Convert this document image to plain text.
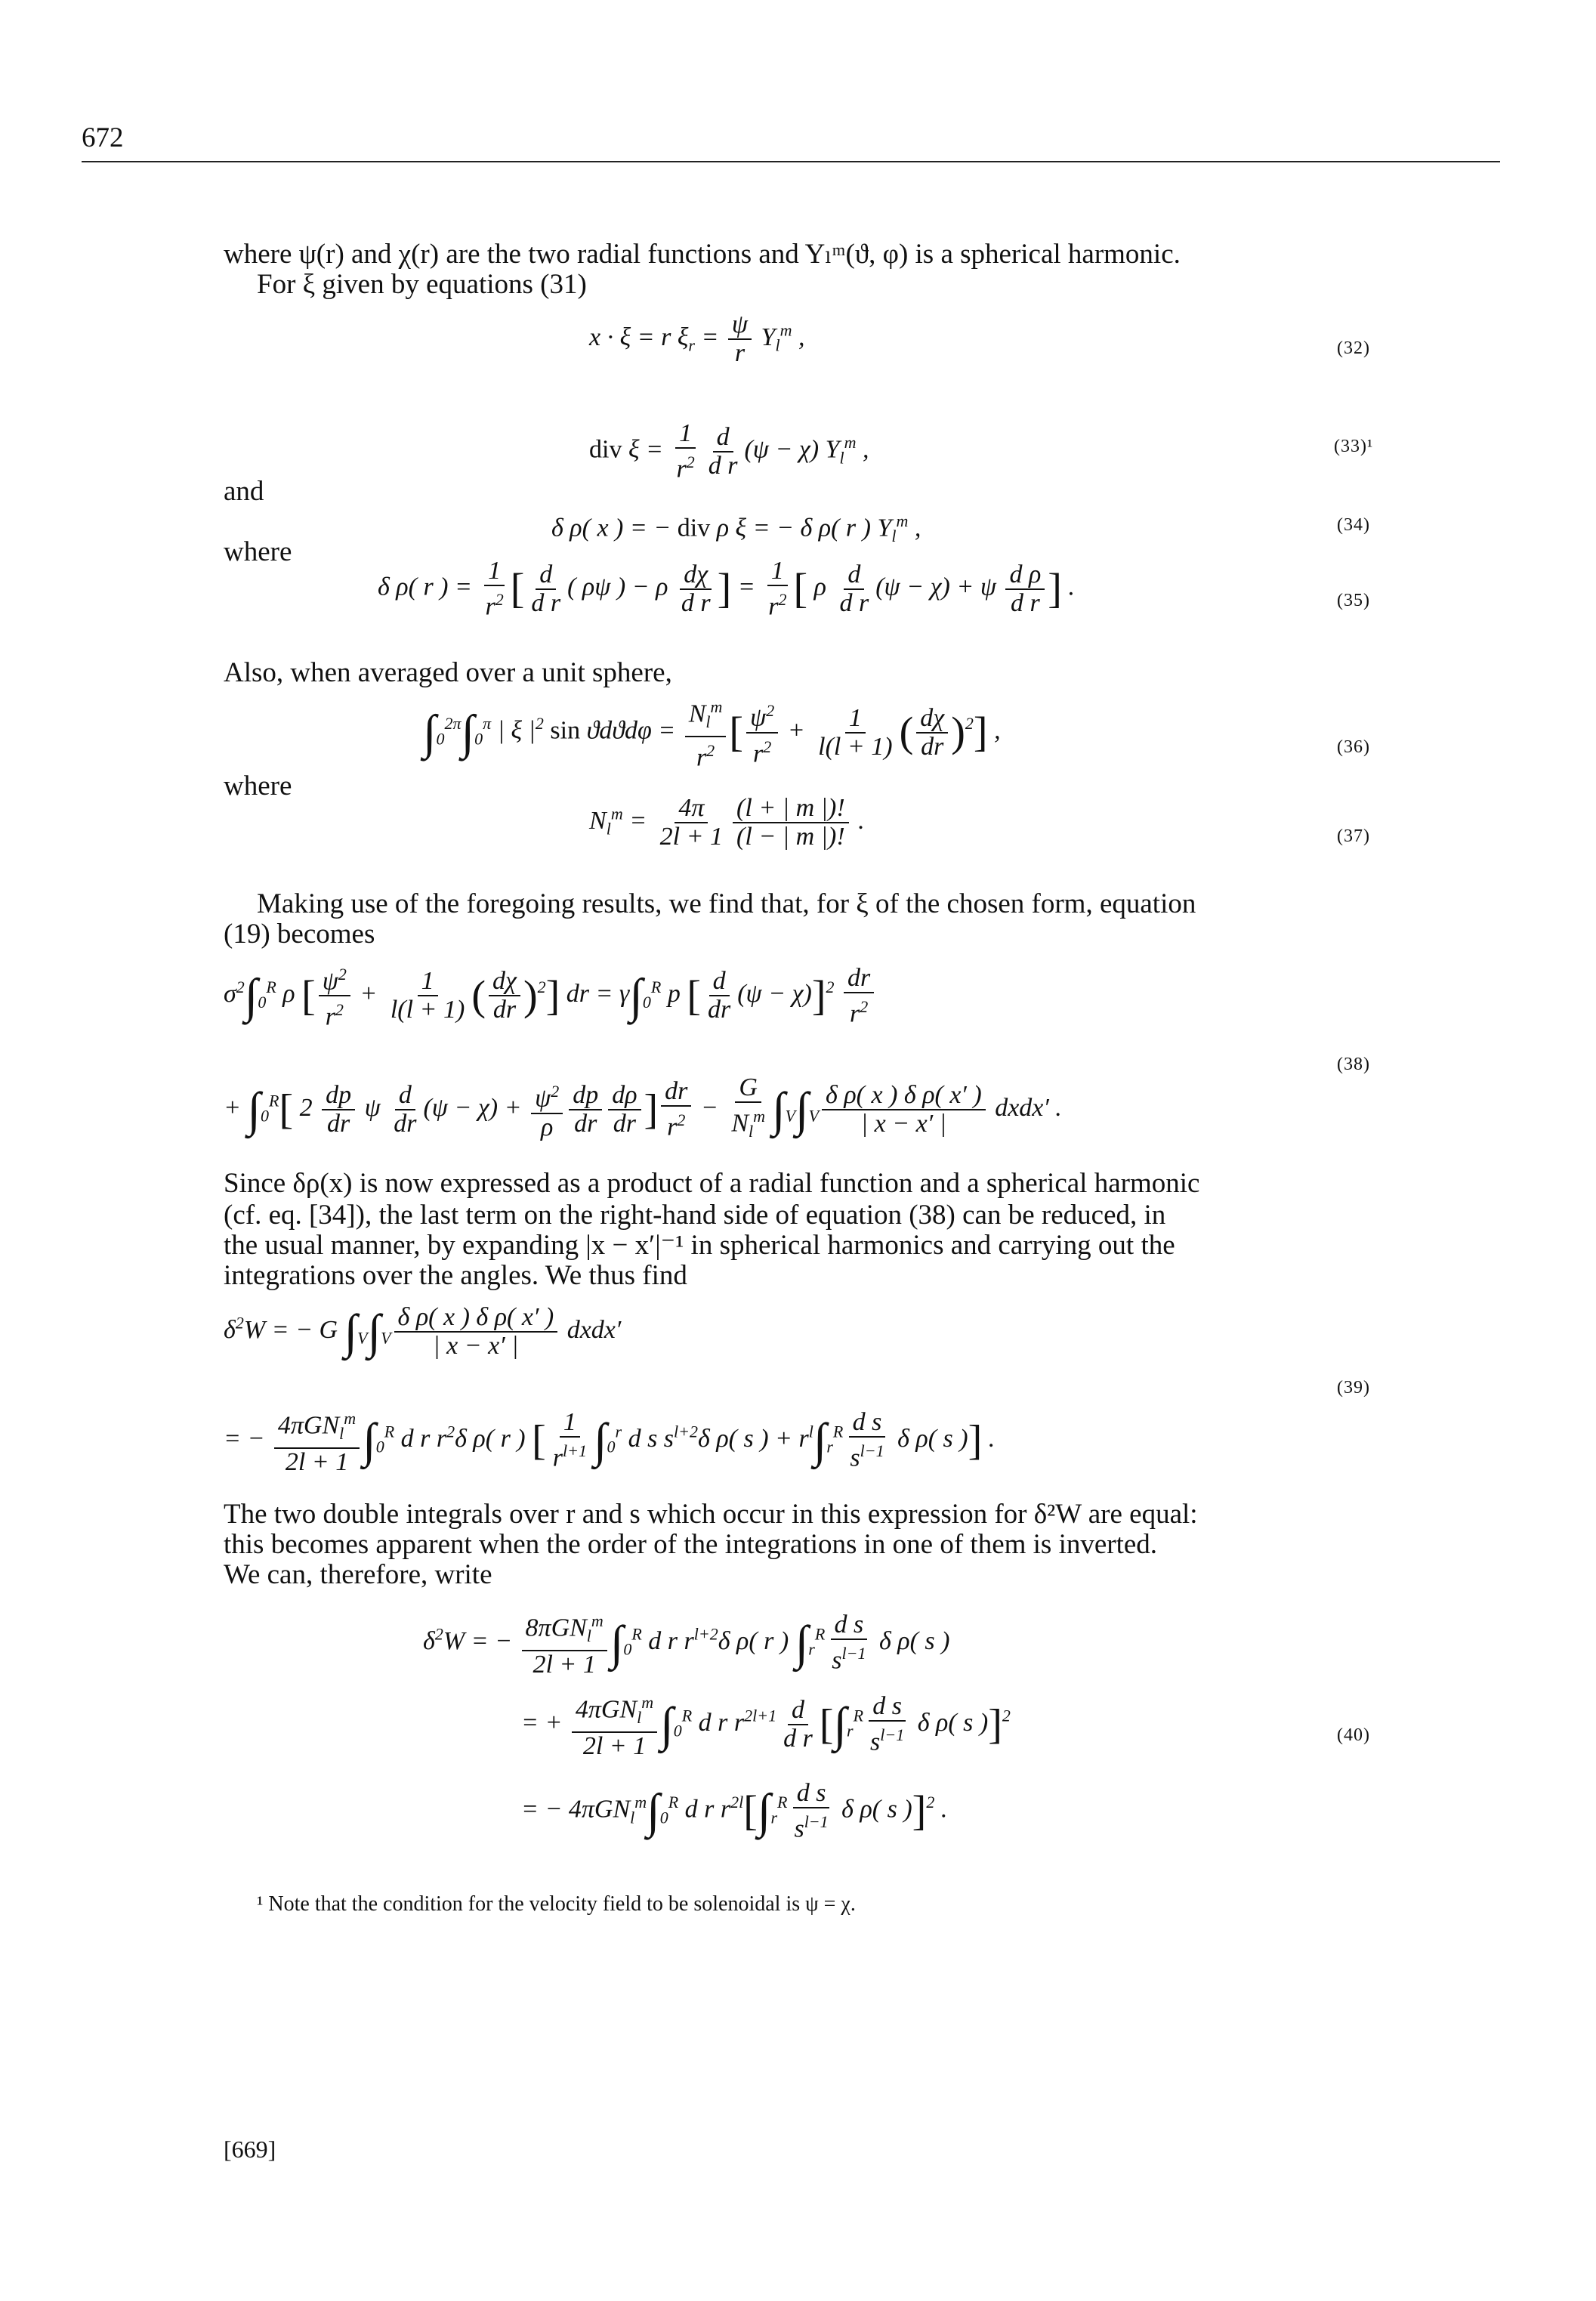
672
where ψ(r) and χ(r) are the two radial functions and Yₗᵐ(ϑ, φ) is a spherical harmonic.
For ξ given by equations (31)
x · ξ = r $\xi_r = \frac{\psi}{r} Y_l^m$ ,	(32)
div $\xi = \frac{1}{r^2} \frac{d}{\text{d r}} (\psi - \chi)$ $Y_l^m$ ,	(33)¹
and
δ ρ( x ) = − div ρ ξ = − δ ρ( r ) $Y_l^m$ ,	(34)
where
δ ρ( r ) = $\frac{1}{r^2}$ [ $\frac{d}{\text{d r}}$ ( ρψ ) − ρ $\frac{d\chi}{\text{d r}}$ ] = $\frac{1}{r^2}$ [ ρ $\frac{d}{\text{d r}} (\psi - \chi) + \psi \frac{\text{d ρ}}{\text{d r}}$ ] .	(35)
Also, when averaged over a unit sphere,
$\int_0^{2\pi}\int_0^\pi$ | ξ $|^2$ $\sin ϑdϑd\varphi = \frac{N_l^m}{r^2}$ [ $\frac{\psi^2}{r^2} + \frac{1}{l(l + 1)}$ ( $\frac{d\chi}{dr} )^2$] ,
(36)
where
$N_l^m = \frac{4\pi}{2l + 1} \frac{(l + | m |)!}{(l - | m |)!}$ .
(37)
Making use of the foregoing results, we find that, for ξ of the chosen form, equation
(19) becomes
$\sigma^2\int_0^R$ ρ [ $\frac{\psi^2}{r^2} + \frac{1}{l(l + 1)}$ ( $\frac{d\chi}{dr} )^2$] dr = $\gamma\int_0^R$ p [ $\frac{d}{dr} (\psi - \chi)]^2 \frac{dr}{r^2}$
+ $\int_0^R$[ $2 \frac{dp}{dr}$ ψ $\frac{d}{dr} (\psi - \chi) + \frac{\psi^2}{\rho} \frac{dp}{dr} \frac{d\rho}{dr}$ ] $\frac{dr}{r^2} - \frac{G}{N_l^m} \int_V\int_V \frac{\text{δ ρ( x ) δ ρ( x′ )}}{| x - x' |}$ dxdx′ .
(38)
Since δρ(x) is now expressed as a product of a radial function and a spherical harmonic
(cf. eq. [34]), the last term on the right-hand side of equation (38) can be reduced, in
the usual manner, by expanding |x − x′|⁻¹ in spherical harmonics and carrying out the
integrations over the angles. We thus find
$\delta^2W$ = − G $\int_V\int_V \frac{\text{δ ρ( x ) δ ρ( x′ )}}{| x - x' |}$ dxdx′
= − $\frac{4\pi GN_l^m}{2l + 1} \int_0^R$ d r $r^2\delta$ ρ( r ) [ $\frac{1}{r^{l+1}} \int_0^r$ d s $s^{l+2}\delta$ ρ( s ) + $r^l\int_r^R \frac{\text{d s}}{s^{l-1}}$ δ ρ( s )] .
(39)
The two double integrals over r and s which occur in this expression for δ²W are equal:
this becomes apparent when the order of the integrations in one of them is inverted.
We can, therefore, write
$\delta^2W$ = − $\frac{8\pi GN_l^m}{2l + 1} \int_0^R$ d r $r^{l+2}\delta$ ρ( r ) $\int_r^R \frac{\text{d s}}{s^{l-1}}$ δ ρ( s )
= + $\frac{4\pi GN_l^m}{2l + 1} \int_0^R$ d r $r^{2l+1} \frac{d}{\text{d r}} [\int_r^R \frac{\text{d s}}{s^{l-1}}$ δ ρ( s )]$^2$
(40)
= − $4\pi GN_l^m\int_0^R$ d r $r^{2l}[\int_r^R \frac{\text{d s}}{s^{l-1}}$ δ ρ( s )]$^2$ .
¹ Note that the condition for the velocity field to be solenoidal is ψ = χ.
[669]
